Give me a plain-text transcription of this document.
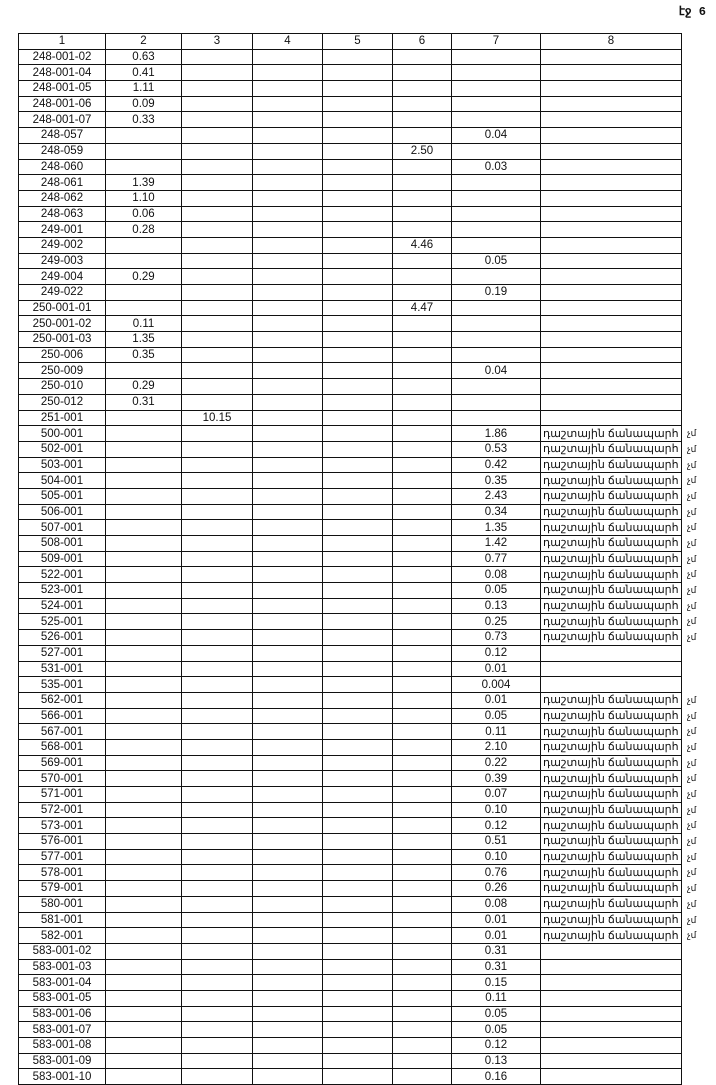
էջ 6
1	2	3	4	5	6	7	8
248-001-02	0.63						
248-001-04	0.41						
248-001-05	1.11						
248-001-06	0.09						
248-001-07	0.33						
248-057						0.04	
248-059					2.50		
248-060						0.03	
248-061	1.39						
248-062	1.10						
248-063	0.06						
249-001	0.28						
249-002					4.46		
249-003						0.05	
249-004	0.29						
249-022						0.19	
250-001-01					4.47		
250-001-02	0.11						
250-001-03	1.35						
250-006	0.35						
250-009						0.04	
250-010	0.29						
250-012	0.31						
251-001		10.15					
500-001						1.86	դաշտային ճանապարհ չմ

502-001						0.53	դաշտային ճանապարհ չմ

503-001						0.42	դաշտային ճանապարհ չմ

504-001						0.35	դաշտային ճանապարհ չմ

505-001						2.43	դաշտային ճանապարհ չմ

506-001						0.34	դաշտային ճանապարհ չմ

507-001						1.35	դաշտային ճանապարհ չմ

508-001						1.42	դաշտային ճանապարհ չմ

509-001						0.77	դաշտային ճանապարհ չմ

522-001						0.08	դաշտային ճանապարհ չմ

523-001						0.05	դաշտային ճանապարհ չմ

524-001						0.13	դաշտային ճանապարհ չմ

525-001						0.25	դաշտային ճանապարհ չմ

526-001						0.73	դաշտային ճանապարհ չմ

527-001						0.12	
531-001						0.01	
535-001						0.004	
562-001						0.01	դաշտային ճանապարհ չմ

566-001						0.05	դաշտային ճանապարհ չմ

567-001						0.11	դաշտային ճանապարհ չմ

568-001						2.10	դաշտային ճանապարհ չմ

569-001						0.22	դաշտային ճանապարհ չմ

570-001						0.39	դաշտային ճանապարհ չմ

571-001						0.07	դաշտային ճանապարհ չմ

572-001						0.10	դաշտային ճանապարհ չմ

573-001						0.12	դաշտային ճանապարհ չմ

576-001						0.51	դաշտային ճանապարհ չմ

577-001						0.10	դաշտային ճանապարհ չմ

578-001						0.76	դաշտային ճանապարհ չմ

579-001						0.26	դաշտային ճանապարհ չմ

580-001						0.08	դաշտային ճանապարհ չմ

581-001						0.01	դաշտային ճանապարհ չմ

582-001						0.01	դաշտային ճանապարհ չմ

583-001-02						0.31	
583-001-03						0.31	
583-001-04						0.15	
583-001-05						0.11	
583-001-06						0.05	
583-001-07						0.05	
583-001-08						0.12	
583-001-09						0.13	
583-001-10						0.16	
